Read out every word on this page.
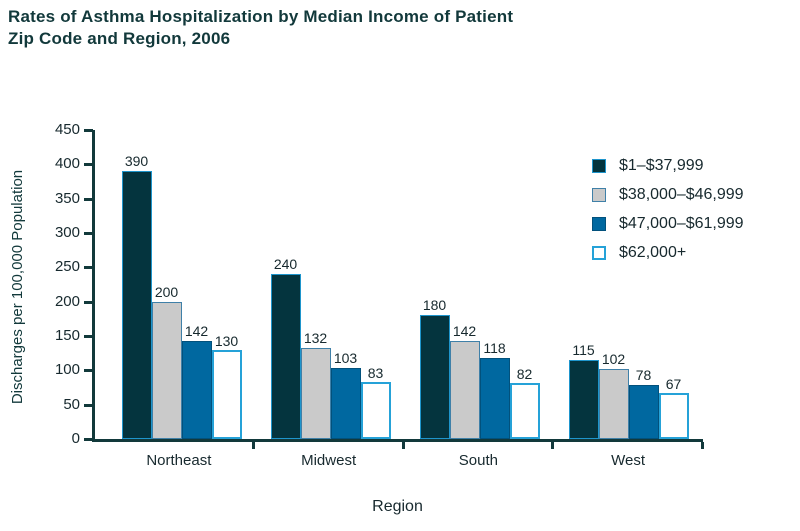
Rates of Asthma Hospitalization by Median Income of Patient
Zip Code and Region, 2006
Discharges per 100,000 Population
390
200
142
130
240
132
103
83
180
142
118
82
115
102
78
67
Northeast	Midwest	South	West
Region
$1–$37,999
$38,000–$46,999
$47,000–$61,999
$62,000+
0
50
100
150
200
250
300
350
400
450
